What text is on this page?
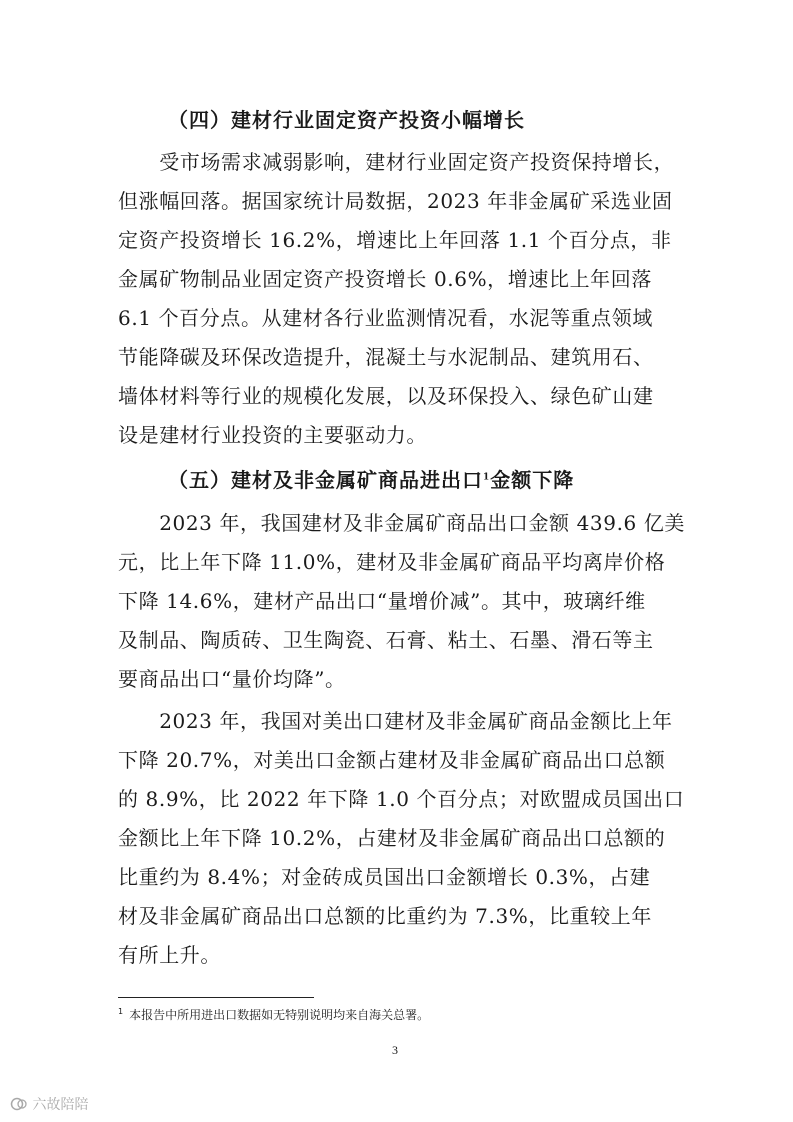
（四）建材行业固定资产投资小幅增长
　　受市场需求减弱影响，建材行业固定资产投资保持增长，
但涨幅回落。据国家统计局数据，2023 年非金属矿采选业固
定资产投资增长 16.2%，增速比上年回落 1.1 个百分点，非
金属矿物制品业固定资产投资增长 0.6%，增速比上年回落
6.1 个百分点。从建材各行业监测情况看，水泥等重点领域
节能降碳及环保改造提升，混凝土与水泥制品、建筑用石、
墙体材料等行业的规模化发展，以及环保投入、绿色矿山建
设是建材行业投资的主要驱动力。
（五）建材及非金属矿商品进出口$^1$金额下降
　　2023 年，我国建材及非金属矿商品出口金额 439.6 亿美
元，比上年下降 11.0%，建材及非金属矿商品平均离岸价格
下降 14.6%，建材产品出口“量增价减”。其中，玻璃纤维
及制品、陶质砖、卫生陶瓷、石膏、粘土、石墨、滑石等主
要商品出口“量价均降”。
　　2023 年，我国对美出口建材及非金属矿商品金额比上年
下降 20.7%，对美出口金额占建材及非金属矿商品出口总额
的 8.9%，比 2022 年下降 1.0 个百分点；对欧盟成员国出口
金额比上年下降 10.2%，占建材及非金属矿商品出口总额的
比重约为 8.4%；对金砖成员国出口金额增长 0.3%，占建
材及非金属矿商品出口总额的比重约为 7.3%，比重较上年
有所上升。
$^1$ 本报告中所用进出口数据如无特别说明均来自海关总署。
3
六故陪陪
